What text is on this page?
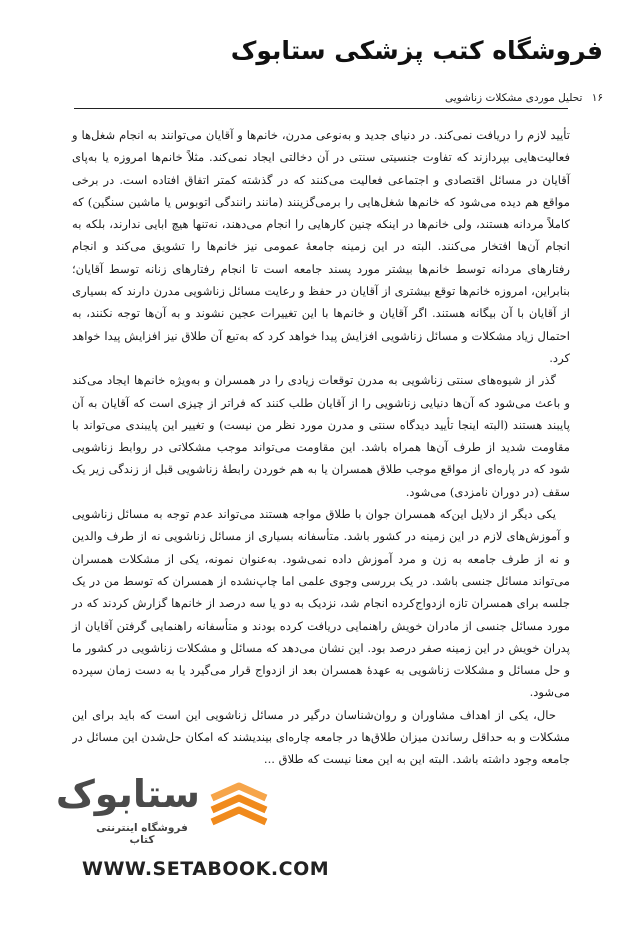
فروشگاه کتب پزشکی ستابوک
۱۶ تحلیل موردی مشکلات زناشویی

تأیید لازم را دریافت نمی‌کند. در دنیای جدید و به‌نوعی مدرن، خانم‌ها و آقایان می‌توانند به انجام شغل‌ها و فعالیت‌هایی بپردازند که تفاوت جنسیتی سنتی در آن دخالتی ایجاد نمی‌کند. مثلاً خانم‌ها امروزه یا به‌پای آقایان در مسائل اقتصادی و اجتماعی فعالیت می‌کنند که در گذشته کمتر اتفاق افتاده است. در برخی مواقع هم دیده می‌شود که خانم‌ها شغل‌هایی را برمی‌گزینند (مانند رانندگی اتوبوس یا ماشین سنگین) که کاملاً مردانه هستند، ولی خانم‌ها در اینکه چنین کارهایی را انجام می‌دهند، نه‌تنها هیچ ابایی ندارند، بلکه به انجام آن‌ها افتخار می‌کنند. البته در این زمینه جامعهٔ عمومی نیز خانم‌ها را تشویق می‌کند و انجام رفتارهای مردانه توسط خانم‌ها بیشتر مورد پسند جامعه است تا انجام رفتارهای زنانه توسط آقایان؛ بنابراین، امروزه خانم‌ها توقع بیشتری از آقایان در حفظ و رعایت مسائل زناشویی مدرن دارند که بسیاری از آقایان با آن بیگانه هستند. اگر آقایان و خانم‌ها با این تغییرات عجین نشوند و به آن‌ها توجه نکنند، به احتمال زیاد مشکلات و مسائل زناشویی افزایش پیدا خواهد کرد که به‌تبع آن طلاق نیز افزایش پیدا خواهد کرد.

گذر از شیوه‌های سنتی زناشویی به مدرن توقعات زیادی را در همسران و به‌ویژه خانم‌ها ایجاد می‌کند و باعث می‌شود که آن‌ها دنیایی زناشویی را از آقایان طلب کنند که فراتر از چیزی است که آقایان به آن پایبند هستند (البته اینجا تأیید دیدگاه سنتی و مدرن مورد نظر من نیست) و تغییر این پایبندی می‌تواند با مقاومت شدید از طرف آن‌ها همراه باشد. این مقاومت می‌تواند موجب مشکلاتی در روابط زناشویی شود که در پاره‌ای از مواقع موجب طلاق همسران یا به هم خوردن رابطهٔ زناشویی قبل از زندگی زیر یک سقف (در دوران نامزدی) می‌شود.

یکی دیگر از دلایل این‌که همسران جوان با طلاق مواجه هستند می‌تواند عدم توجه به مسائل زناشویی و آموزش‌های لازم در این زمینه در کشور باشد. متأسفانه بسیاری از مسائل زناشویی نه از طرف والدین و نه از طرف جامعه به زن و مرد آموزش داده نمی‌شود. به‌عنوان نمونه، یکی از مشکلات همسران می‌تواند مسائل جنسی باشد. در یک بررسی ‌وجوی علمی اما چاپ‌نشده از همسران که توسط من در یک جلسه برای همسران تازه ازدواج‌کرده انجام شد، نزدیک به دو یا سه درصد از خانم‌ها گزارش کردند که در مورد مسائل جنسی از مادران خویش راهنمایی دریافت کرده بودند و متأسفانه راهنمایی گرفتن آقایان از پدران خویش در این زمینه صفر درصد بود. این نشان می‌دهد که مسائل و مشکلات زناشویی در کشور ما و حل مسائل و مشکلات زناشویی به عهدهٔ همسران بعد از ازدواج قرار می‌گیرد یا به دست زمان سپرده می‌شود.

حال، یکی از اهداف مشاوران و روان‌شناسان درگیر در مسائل زناشویی این است که باید برای این مشکلات و به حداقل رساندن میزان طلاق‌ها در جامعه چاره‌ای بیندیشند که امکان حل‌شدن این مسائل در جامعه وجود داشته باشد. البته این به این معنا نیست که طلاق ...

ستابوک
فروشگاه اینترنتی کتاب
WWW.SETABOOK.COM
